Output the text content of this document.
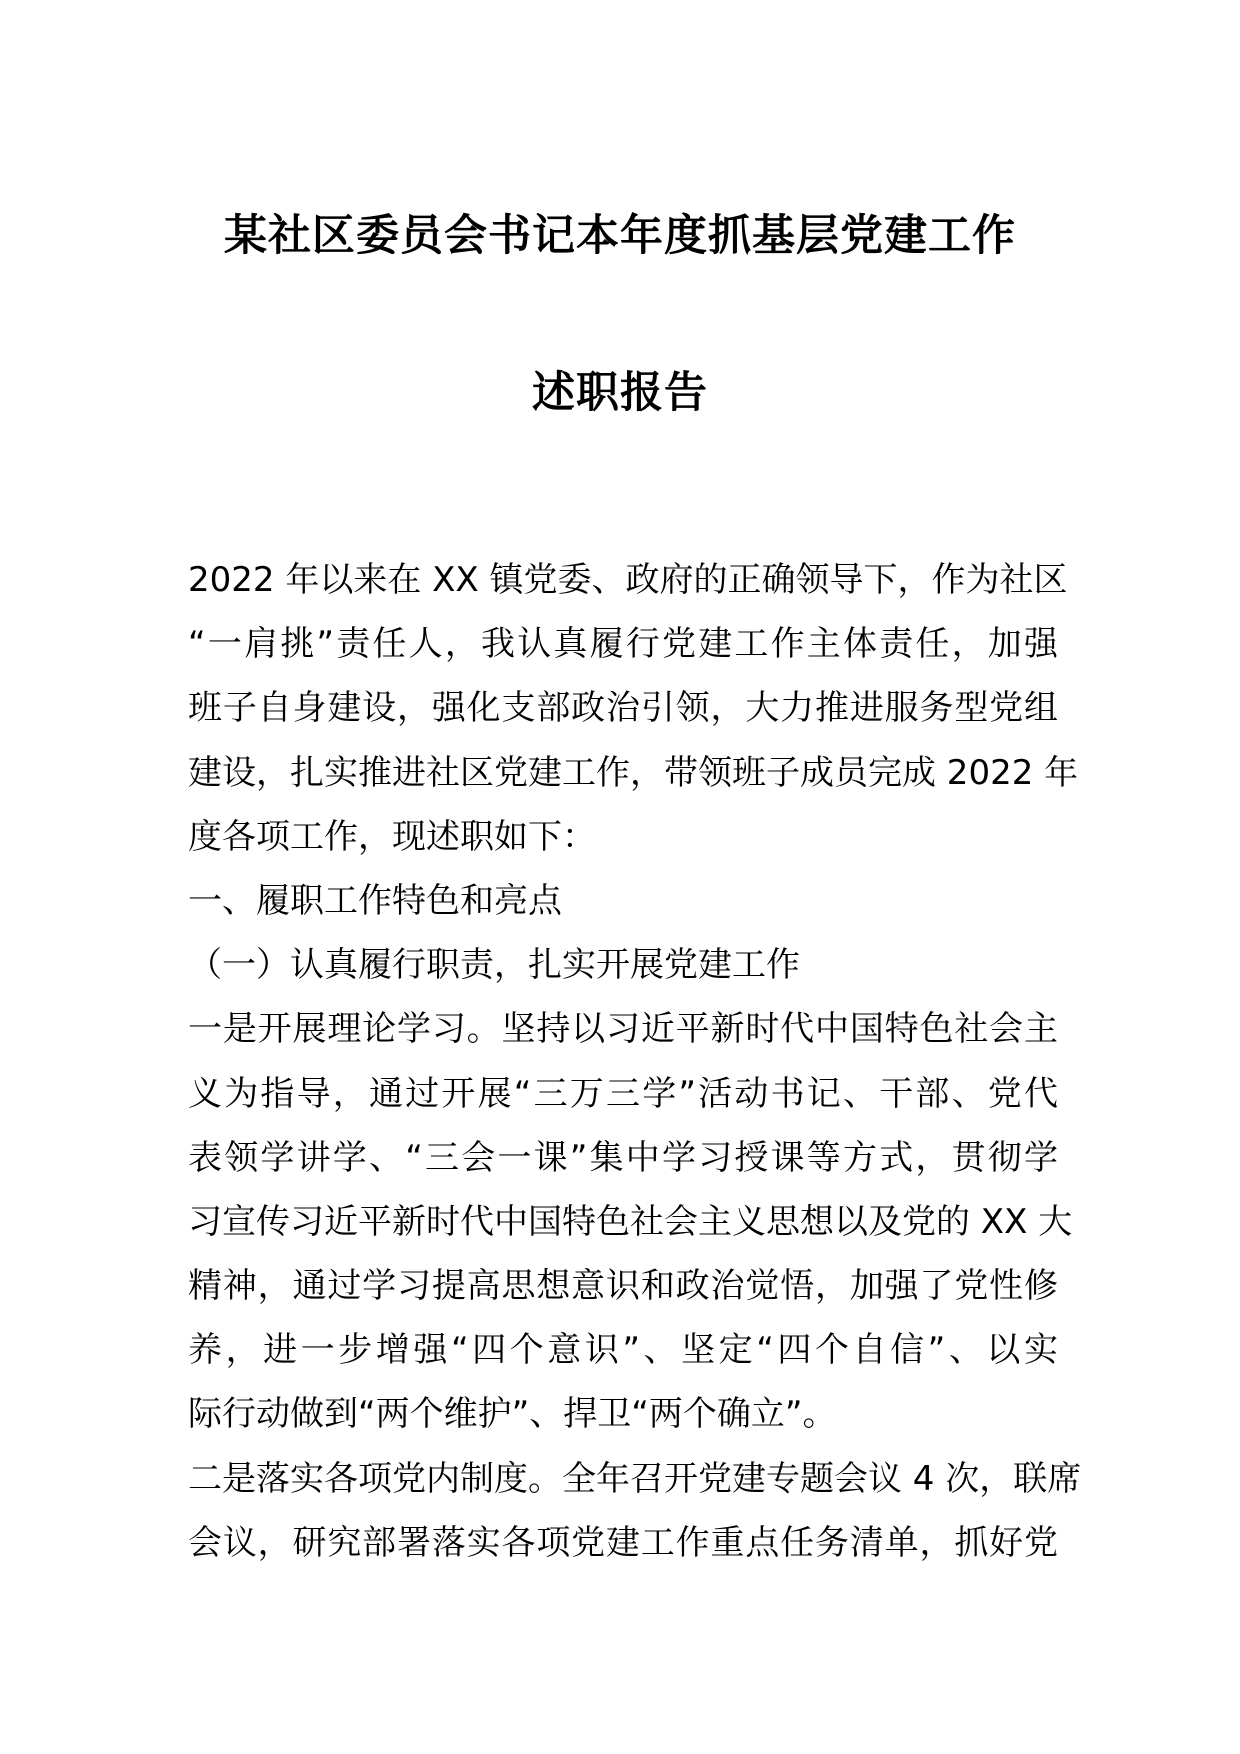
某社区委员会书记本年度抓基层党建工作
述职报告
2022 年以来在 XX 镇党委、政府的正确领导下，作为社区
“一肩挑”责任人，我认真履行党建工作主体责任，加强
班子自身建设，强化支部政治引领，大力推进服务型党组
建设，扎实推进社区党建工作，带领班子成员完成 2022 年
度各项工作，现述职如下：
一、履职工作特色和亮点
（一）认真履行职责，扎实开展党建工作
一是开展理论学习。坚持以习近平新时代中国特色社会主
义为指导，通过开展“三万三学”活动书记、干部、党代
表领学讲学、“三会一课”集中学习授课等方式，贯彻学
习宣传习近平新时代中国特色社会主义思想以及党的 XX 大
精神，通过学习提高思想意识和政治觉悟，加强了党性修
养，进一步增强“四个意识”、坚定“四个自信”、以实
际行动做到“两个维护”、捍卫“两个确立”。
二是落实各项党内制度。全年召开党建专题会议 4 次，联席
会议，研究部署落实各项党建工作重点任务清单，抓好党
